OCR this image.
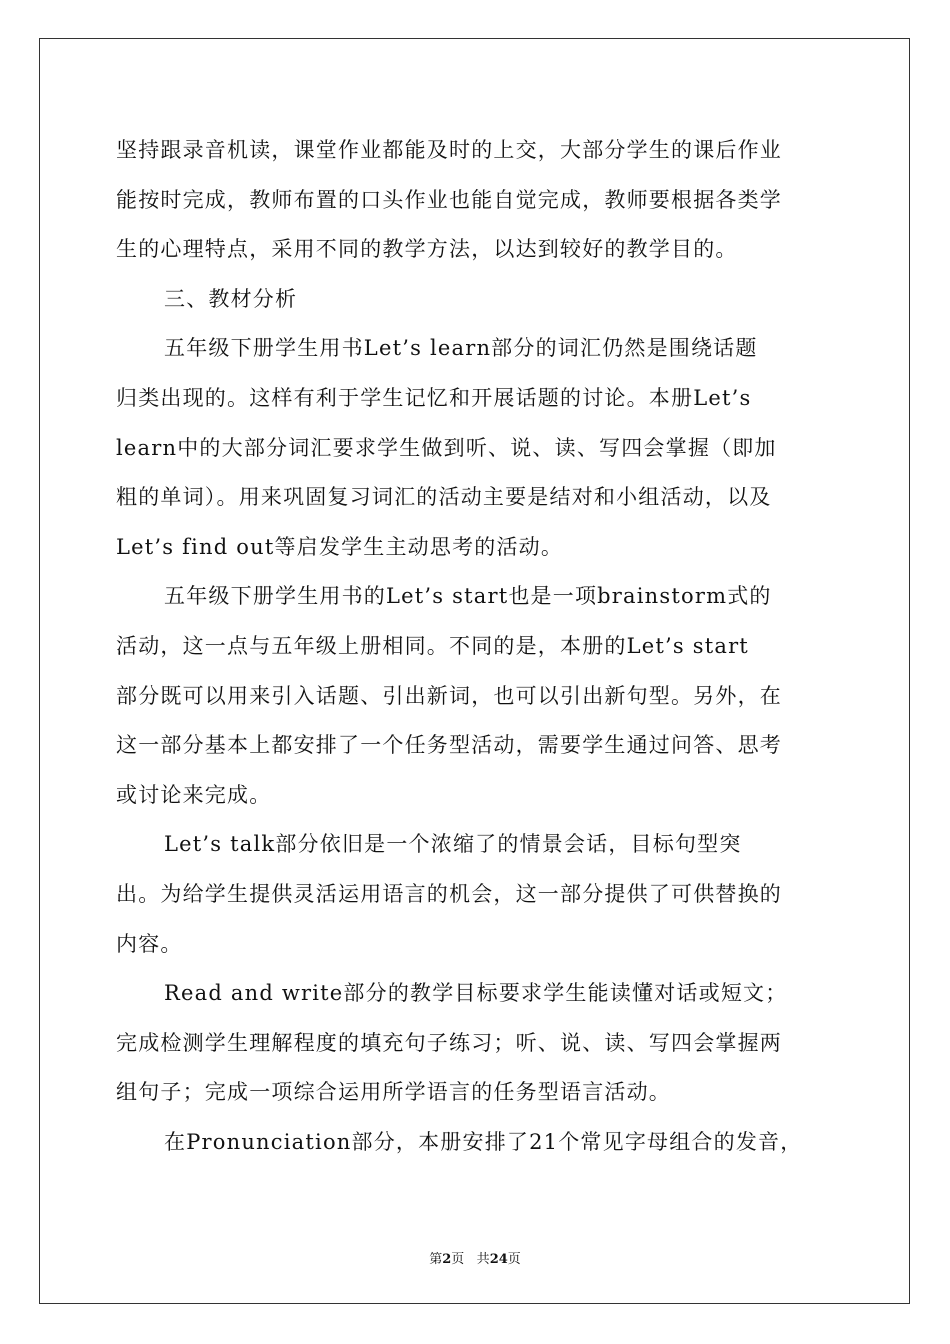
坚持跟录音机读，课堂作业都能及时的上交，大部分学生的课后作业
能按时完成，教师布置的口头作业也能自觉完成，教师要根据各类学
生的心理特点，采用不同的教学方法，以达到较好的教学目的。
三、教材分析
五年级下册学生用书Let’s learn部分的词汇仍然是围绕话题
归类出现的。这样有利于学生记忆和开展话题的讨论。本册Let’s
learn中的大部分词汇要求学生做到听、说、读、写四会掌握（即加
粗的单词）。用来巩固复习词汇的活动主要是结对和小组活动，以及
Let’s find out等启发学生主动思考的活动。
五年级下册学生用书的Let’s start也是一项brainstorm式的
活动，这一点与五年级上册相同。不同的是，本册的Let’s start
部分既可以用来引入话题、引出新词，也可以引出新句型。另外，在
这一部分基本上都安排了一个任务型活动，需要学生通过问答、思考
或讨论来完成。
Let’s talk部分依旧是一个浓缩了的情景会话，目标句型突
出。为给学生提供灵活运用语言的机会，这一部分提供了可供替换的
内容。
Read and write部分的教学目标要求学生能读懂对话或短文；
完成检测学生理解程度的填充句子练习；听、说、读、写四会掌握两
组句子；完成一项综合运用所学语言的任务型语言活动。
在Pronunciation部分，本册安排了21个常见字母组合的发音，
第2页 共24页
